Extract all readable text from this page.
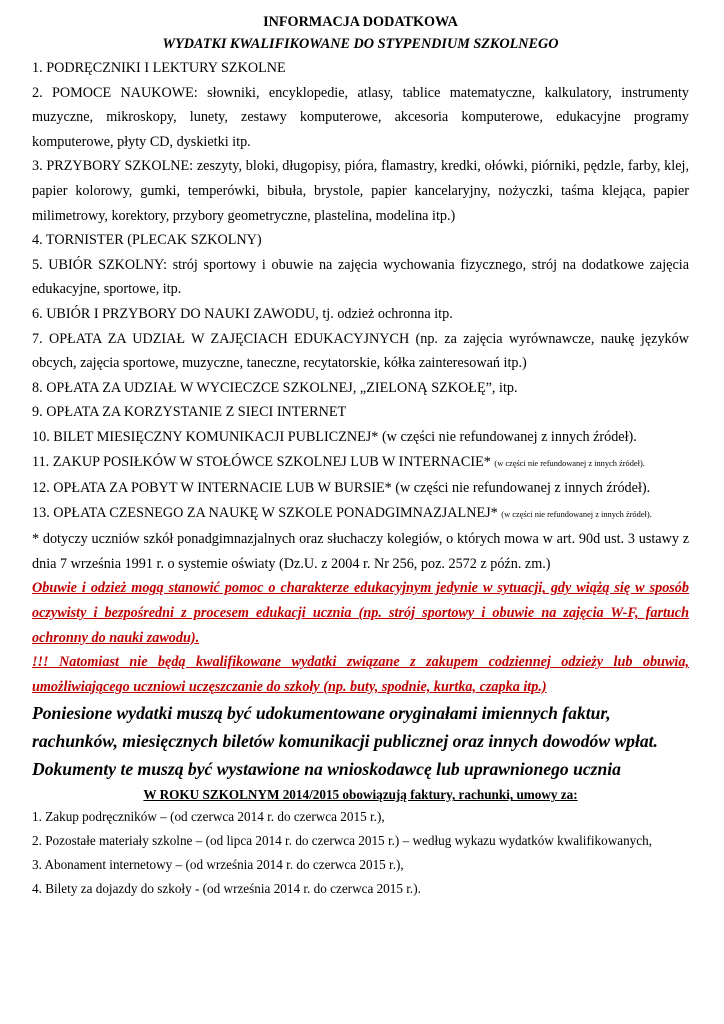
INFORMACJA DODATKOWA

WYDATKI KWALIFIKOWANE DO STYPENDIUM SZKOLNEGO

1. PODRĘCZNIKI I LEKTURY SZKOLNE

2. POMOCE NAUKOWE: słowniki, encyklopedie, atlasy, tablice matematyczne, kalkulatory, instrumenty muzyczne, mikroskopy, lunety, zestawy komputerowe, akcesoria komputerowe, edukacyjne programy komputerowe, płyty CD, dyskietki itp.

3. PRZYBORY SZKOLNE: zeszyty, bloki, długopisy, pióra, flamastry, kredki, ołówki, piórniki, pędzle, farby, klej, papier kolorowy, gumki, temperówki, bibuła, brystole, papier kancelaryjny, nożyczki, taśma klejąca, papier milimetrowy, korektory, przybory geometryczne, plastelina, modelina itp.)

4. TORNISTER (PLECAK SZKOLNY)

5. UBIÓR SZKOLNY: strój sportowy i obuwie na zajęcia wychowania fizycznego, strój na dodatkowe zajęcia edukacyjne, sportowe, itp.

6. UBIÓR I PRZYBORY DO NAUKI ZAWODU, tj. odzież ochronna itp.

7. OPŁATA ZA UDZIAŁ W ZAJĘCIACH EDUKACYJNYCH (np. za zajęcia wyrównawcze, naukę języków obcych, zajęcia sportowe, muzyczne, taneczne, recytatorskie, kółka zainteresowań itp.)

8. OPŁATA ZA UDZIAŁ W WYCIECZCE SZKOLNEJ, „ZIELONĄ SZKOŁĘ”, itp.

9. OPŁATA ZA KORZYSTANIE Z SIECI INTERNET

10. BILET MIESIĘCZNY KOMUNIKACJI PUBLICZNEJ* (w części nie refundowanej z innych źródeł).

11. ZAKUP POSIŁKÓW W STOŁÓWCE SZKOLNEJ LUB W INTERNACIE* (w części nie refundowanej z innych źródeł).

12. OPŁATA ZA POBYT W INTERNACIE LUB W BURSIE* (w części nie refundowanej z innych źródeł).

13. OPŁATA CZESNEGO ZA NAUKĘ W SZKOLE PONADGIMNAZJALNEJ* (w części nie refundowanej z innych źródeł).

* dotyczy uczniów szkół ponadgimnazjalnych oraz słuchaczy kolegiów, o których mowa w art. 90d ust. 3 ustawy z dnia 7 września 1991 r. o systemie oświaty (Dz.U. z 2004 r. Nr 256, poz. 2572 z późn. zm.)

Obuwie i odzież mogą stanowić pomoc o charakterze edukacyjnym jedynie w sytuacji, gdy wiążą się w sposób oczywisty i bezpośredni z procesem edukacji ucznia (np. strój sportowy i obuwie na zajęcia W-F, fartuch ochronny do nauki zawodu).

!!! Natomiast nie będą kwalifikowane wydatki związane z zakupem codziennej odzieży lub obuwia, umożliwiającego uczniowi uczęszczanie do szkoły (np. buty, spodnie, kurtka, czapka itp.)

Poniesione wydatki muszą być udokumentowane oryginałami imiennych faktur, rachunków, miesięcznych biletów komunikacji publicznej oraz innych dowodów wpłat.

Dokumenty te muszą być wystawione na wnioskodawcę lub uprawnionego ucznia

W ROKU SZKOLNYM 2014/2015 obowiązują faktury, rachunki, umowy za:

1. Zakup podręczników – (od czerwca 2014 r. do czerwca 2015 r.),

2. Pozostałe materiały szkolne – (od lipca 2014 r. do czerwca 2015 r.) – według wykazu wydatków kwalifikowanych,

3. Abonament internetowy – (od września 2014 r. do czerwca 2015 r.),

4. Bilety za dojazdy do szkoły - (od września 2014 r. do czerwca 2015 r.).
